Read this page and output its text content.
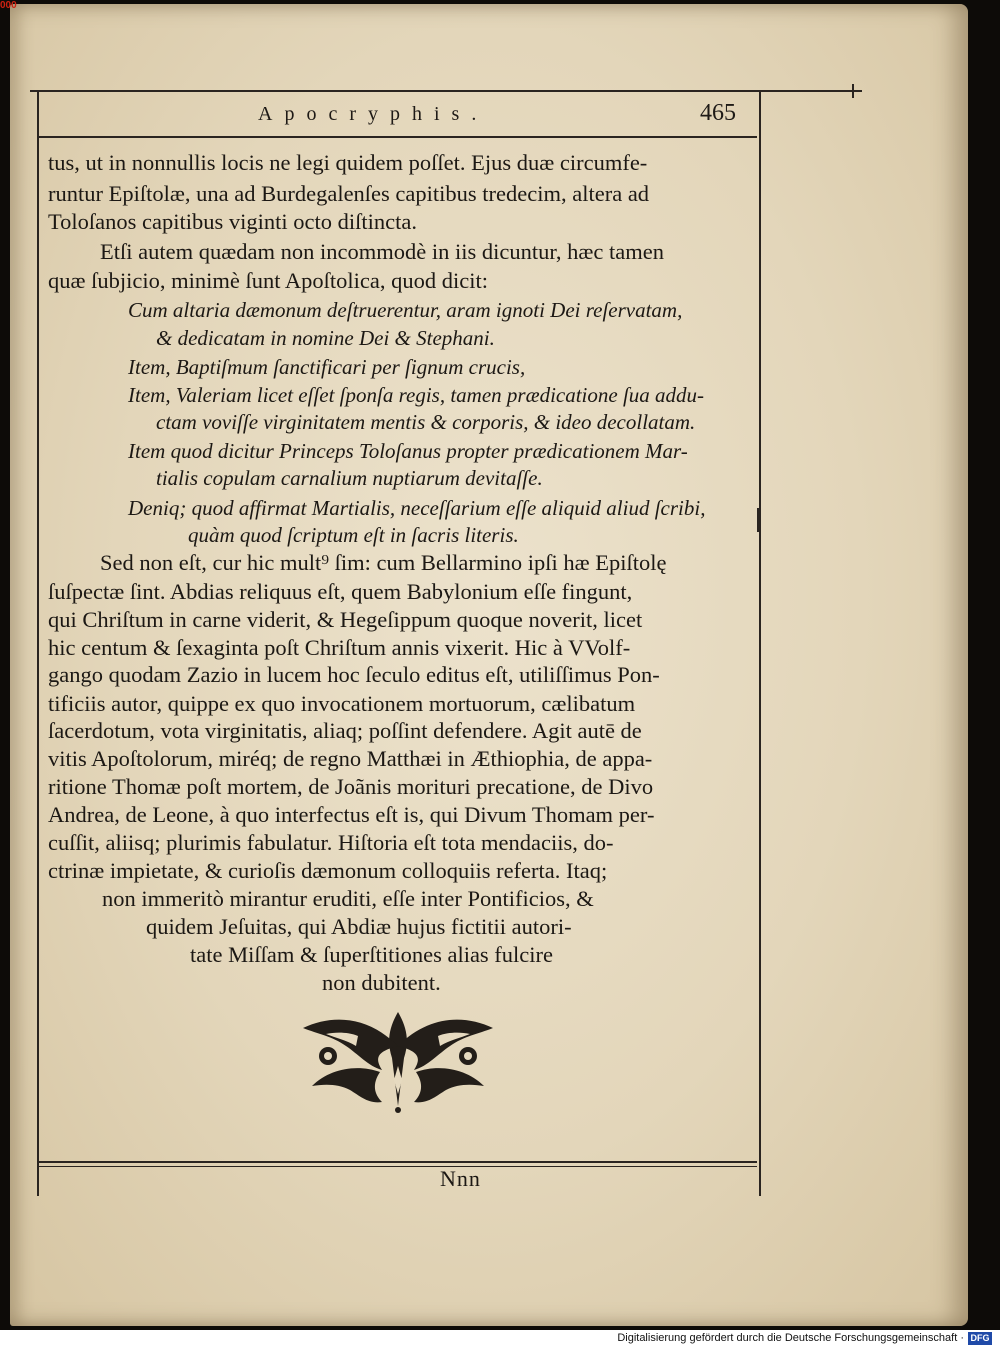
000
Apocryphis.	465

tus, ut in nonnullis locis ne legi quidem poſſet. Ejus duæ circumfe-

runtur Epiſtolæ, una ad Burdegalenſes capitibus tredecim, altera ad

Toloſanos capitibus viginti octo diſtincta.

Etſi autem quædam non incommodè in iis dicuntur, hæc tamen

quæ ſubjicio, minimè ſunt Apoſtolica, quod dicit:

Cum altaria dæmonum deſtruerentur, aram ignoti Dei reſervatam,

& dedicatam in nomine Dei & Stephani.

Item, Baptiſmum ſanctificari per ſignum crucis,

Item, Valeriam licet eſſet ſponſa regis, tamen prædicatione ſua addu-

ctam voviſſe virginitatem mentis & corporis, & ideo decollatam.

Item quod dicitur Princeps Toloſanus propter prædicationem Mar-

tialis copulam carnalium nuptiarum devitaſſe.

Deniq; quod affirmat Martialis, neceſſarium eſſe aliquid aliud ſcribi,

quàm quod ſcriptum eſt in ſacris literis.

Sed non eſt, cur hic mult⁹ ſim: cum Bellarmino ipſi hæ Epiſtolę

ſuſpectæ ſint. Abdias reliquus eſt, quem Babylonium eſſe fingunt,

qui Chriſtum in carne viderit, & Hegeſippum quoque noverit, licet

hic centum & ſexaginta poſt Chriſtum annis vixerit. Hic à VVolf-

gango quodam Zazio in lucem hoc ſeculo editus eſt, utiliſſimus Pon-

tificiis autor, quippe ex quo invocationem mortuorum, cælibatum

ſacerdotum, vota virginitatis, aliaq; poſſint defendere. Agit autē de

vitis Apoſtolorum, miréq; de regno Matthæi in Æthiophia, de appa-

ritione Thomæ poſt mortem, de Joãnis morituri precatione, de Divo

Andrea, de Leone, à quo interfectus eſt is, qui Divum Thomam per-

cuſſit, aliisq; plurimis fabulatur. Hiſtoria eſt tota mendaciis, do-

ctrinæ impietate, & curioſis dæmonum colloquiis referta. Itaq;

non immeritò mirantur eruditi, eſſe inter Pontificios, &

quidem Jeſuitas, qui Abdiæ hujus fictitii autori-

tate Miſſam & ſuperſtitiones alias fulcire

non dubitent.

Nnn
Digitalisierung gefördert durch die Deutsche Forschungsgemeinschaft · DFG
